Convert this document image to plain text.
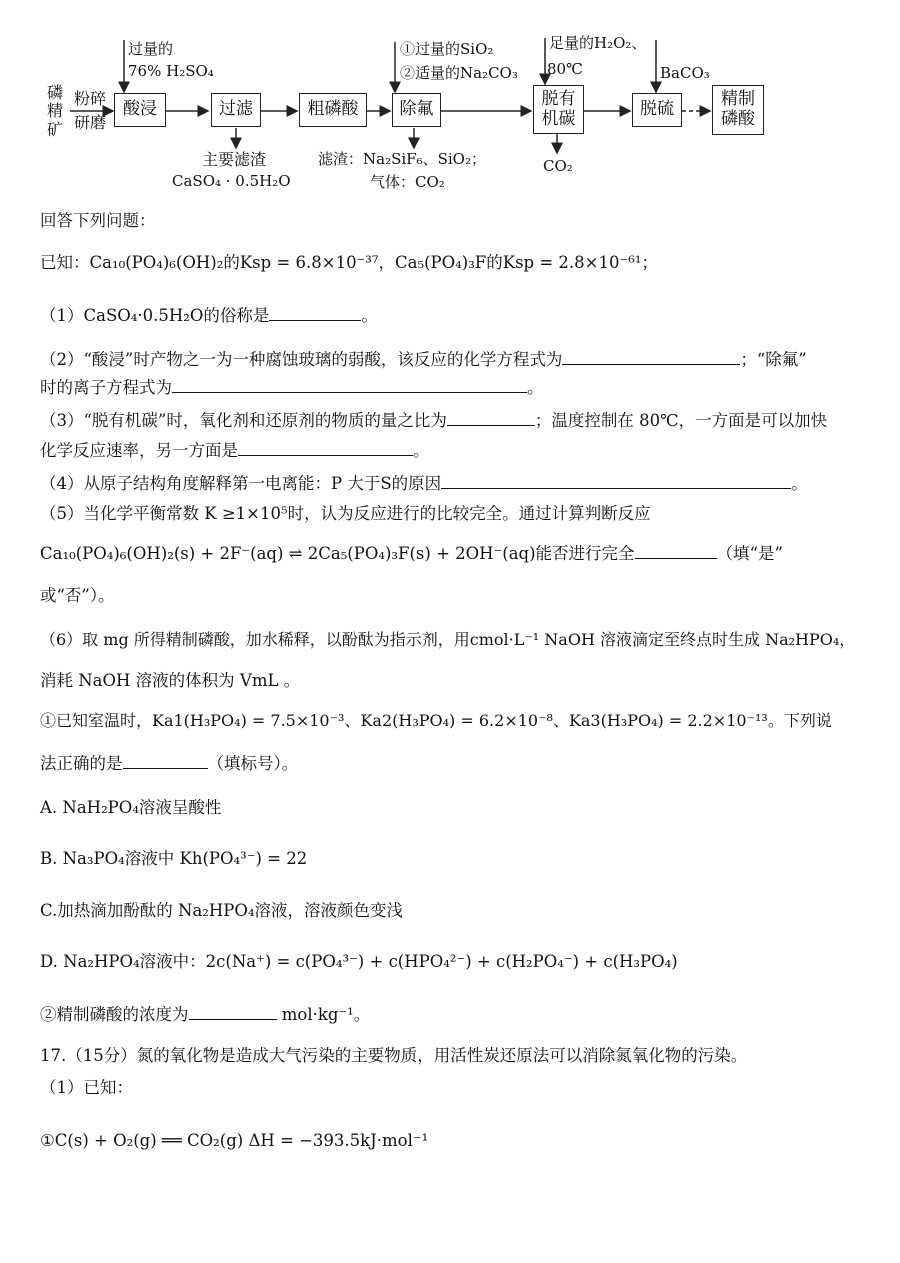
磷精矿
粉碎
研磨
过量的
76% H₂SO₄
酸浸	过滤
主要滤渣
CaSO₄ · 0.5H₂O
粗磷酸
①过量的SiO₂
②适量的Na₂CO₃
除氟
滤渣：Na₂SiF₆、SiO₂；
气体：CO₂
足量的H₂O₂、
80℃
脱有
机碳
CO₂
BaCO₃
脱硫	精制
磷酸
回答下列问题：
已知：Ca₁₀(PO₄)₆(OH)₂的Ksp = 6.8×10⁻³⁷，Ca₅(PO₄)₃F的Ksp = 2.8×10⁻⁶¹；
（1）CaSO₄·0.5H₂O的俗称是	。
（2）“酸浸”时产物之一为一种腐蚀玻璃的弱酸，该反应的化学方程式为	；“除氟”
时的离子方程式为	。
（3）“脱有机碳”时，氧化剂和还原剂的物质的量之比为	；温度控制在 80℃，一方面是可以加快
化学反应速率，另一方面是	。
（4）从原子结构角度解释第一电离能：P 大于S的原因	。
（5）当化学平衡常数 K ≥1×10⁵时，认为反应进行的比较完全。通过计算判断反应
Ca₁₀(PO₄)₆(OH)₂(s) + 2F⁻(aq) ⇌ 2Ca₅(PO₄)₃F(s) + 2OH⁻(aq)能否进行完全	（填“是”
或“否”）。
（6）取 mg 所得精制磷酸，加水稀释，以酚酞为指示剂，用cmol·L⁻¹ NaOH 溶液滴定至终点时生成 Na₂HPO₄，
消耗 NaOH 溶液的体积为 VmL 。
①已知室温时，Ka1(H₃PO₄) = 7.5×10⁻³、Ka2(H₃PO₄) = 6.2×10⁻⁸、Ka3(H₃PO₄) = 2.2×10⁻¹³。下列说
法正确的是	（填标号）。
A. NaH₂PO₄溶液呈酸性
B. Na₃PO₄溶液中 Kh(PO₄³⁻) = 22
C.加热滴加酚酞的 Na₂HPO₄溶液，溶液颜色变浅
D. Na₂HPO₄溶液中：2c(Na⁺) = c(PO₄³⁻) + c(HPO₄²⁻) + c(H₂PO₄⁻) + c(H₃PO₄)
②精制磷酸的浓度为	mol·kg⁻¹。
17.（15分）氮的氧化物是造成大气污染的主要物质，用活性炭还原法可以消除氮氧化物的污染。
（1）已知：
①C(s) + O₂(g) ══ CO₂(g) ΔH = −393.5kJ·mol⁻¹
